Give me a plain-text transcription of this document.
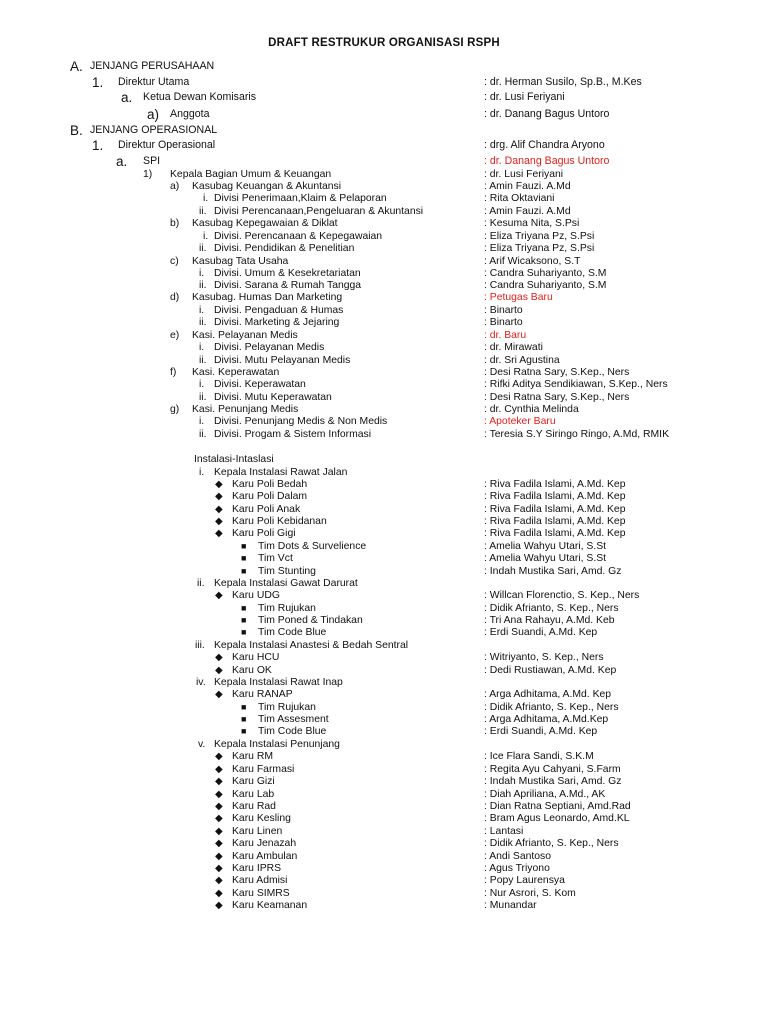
DRAFT RESTRUKUR ORGANISASI RSPH
A. JENJANG PERUSAHAAN
1. Direktur Utama	: dr. Herman Susilo, Sp.B., M.Kes
a. Ketua Dewan Komisaris	: dr. Lusi Feriyani
a) Anggota	: dr. Danang Bagus Untoro
B. JENJANG OPERASIONAL
1. Direktur Operasional	: drg. Alif Chandra Aryono
a. SPI	: dr. Danang Bagus Untoro
1) Kepala Bagian Umum & Keuangan	: dr. Lusi Feriyani
a) Kasubag Keuangan & Akuntansi	: Amin Fauzi. A.Md
i. Divisi Penerimaan,Klaim & Pelaporan	: Rita Oktaviani
ii. Divisi Perencanaan,Pengeluaran & Akuntansi	: Amin Fauzi. A.Md
b) Kasubag Kepegawaian & Diklat	: Kesuma Nita, S.Psi
i. Divisi. Perencanaan & Kepegawaian	: Eliza Triyana Pz, S.Psi
ii. Divisi. Pendidikan & Penelitian	: Eliza Triyana Pz, S.Psi
c) Kasubag Tata Usaha	: Arif Wicaksono, S.T
i. Divisi. Umum & Kesekretariatan	: Candra Suhariyanto, S.M
ii. Divisi. Sarana & Rumah Tangga	: Candra Suhariyanto, S.M
d) Kasubag. Humas Dan Marketing	: Petugas Baru
i. Divisi. Pengaduan & Humas	: Binarto
ii. Divisi. Marketing & Jejaring	: Binarto
e) Kasi. Pelayanan Medis	: dr. Baru
i. Divisi. Pelayanan Medis	: dr. Mirawati
ii. Divisi. Mutu Pelayanan Medis	: dr. Sri Agustina
f) Kasi. Keperawatan	: Desi Ratna Sary, S.Kep., Ners
i. Divisi. Keperawatan	: Rifki Aditya Sendikiawan, S.Kep., Ners
ii. Divisi. Mutu Keperawatan	: Desi Ratna Sary, S.Kep., Ners
g) Kasi. Penunjang Medis	: dr. Cynthia Melinda
i. Divisi. Penunjang Medis & Non Medis	: Apoteker Baru
ii. Divisi. Progam & Sistem Informasi	: Teresia S.Y Siringo Ringo, A.Md, RMIK
Instalasi-Intaslasi
i. Kepala Instalasi Rawat Jalan
◆ Karu Poli Bedah	: Riva Fadila Islami, A.Md. Kep
◆ Karu Poli Dalam	: Riva Fadila Islami, A.Md. Kep
◆ Karu Poli Anak	: Riva Fadila Islami, A.Md. Kep
◆ Karu Poli Kebidanan	: Riva Fadila Islami, A.Md. Kep
◆ Karu Poli Gigi	: Riva Fadila Islami, A.Md. Kep
■ Tim Dots & Survelience	: Amelia Wahyu Utari, S.St
■ Tim Vct	: Amelia Wahyu Utari, S.St
■ Tim Stunting	: Indah Mustika Sari, Amd. Gz
ii. Kepala Instalasi Gawat Darurat
◆ Karu UDG	: Willcan Florenctio, S. Kep., Ners
■ Tim Rujukan	: Didik Afrianto, S. Kep., Ners
■ Tim Poned & Tindakan	: Tri Ana Rahayu, A.Md. Keb
■ Tim Code Blue	: Erdi Suandi, A.Md. Kep
iii. Kepala Instalasi Anastesi & Bedah Sentral
◆ Karu HCU	: Witriyanto, S. Kep., Ners
◆ Karu OK	: Dedi Rustiawan, A.Md. Kep
iv. Kepala Instalasi Rawat Inap
◆ Karu RANAP	: Arga Adhitama, A.Md. Kep
■ Tim Rujukan	: Didik Afrianto, S. Kep., Ners
■ Tim Assesment	: Arga Adhitama, A.Md.Kep
■ Tim Code Blue	: Erdi Suandi, A.Md. Kep
v. Kepala Instalasi Penunjang
◆ Karu RM	: Ice Flara Sandi, S.K.M
◆ Karu Farmasi	: Regita Ayu Cahyani, S.Farm
◆ Karu Gizi	: Indah Mustika Sari, Amd. Gz
◆ Karu Lab	: Diah Apriliana, A.Md., AK
◆ Karu Rad	: Dian Ratna Septiani, Amd.Rad
◆ Karu Kesling	: Bram Agus Leonardo, Amd.KL
◆ Karu Linen	: Lantasi
◆ Karu Jenazah	: Didik Afrianto, S. Kep., Ners
◆ Karu Ambulan	: Andi Santoso
◆ Karu IPRS	: Agus Triyono
◆ Karu Admisi	: Popy Laurensya
◆ Karu SIMRS	: Nur Asrori, S. Kom
◆ Karu Keamanan	: Munandar
